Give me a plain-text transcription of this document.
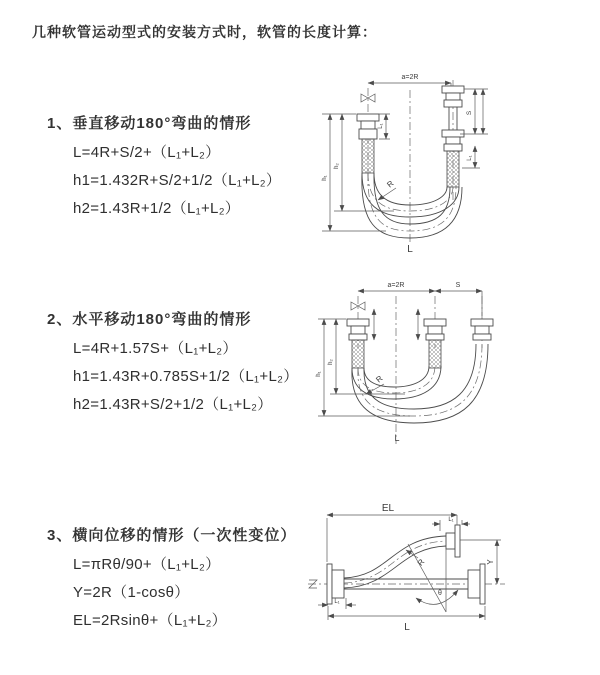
几种软管运动型式的安装方式时，软管的长度计算：
1、垂直移动180°弯曲的情形
L=4R+S/2+（L₁+L₂）
h1=1.432R+S/2+1/2（L₁+L₂）
h2=1.43R+1/2（L₁+L₂）
2、水平移动180°弯曲的情形
L=4R+1.57S+（L₁+L₂）
h1=1.43R+0.785S+1/2（L₁+L₂）
h2=1.43R+S/2+1/2（L₁+L₂）
3、横向位移的情形（一次性变位）
L=πRθ/90+（L₁+L₂）
Y=2R（1-cosθ）
EL=2Rsinθ+（L₁+L₂）
a=2R
L₁
S
L₁
R
h₂
h₁
L
a=2R	S
R
h₂
h₁
L
EL
L₁
Y
θ
R
L
L₁
